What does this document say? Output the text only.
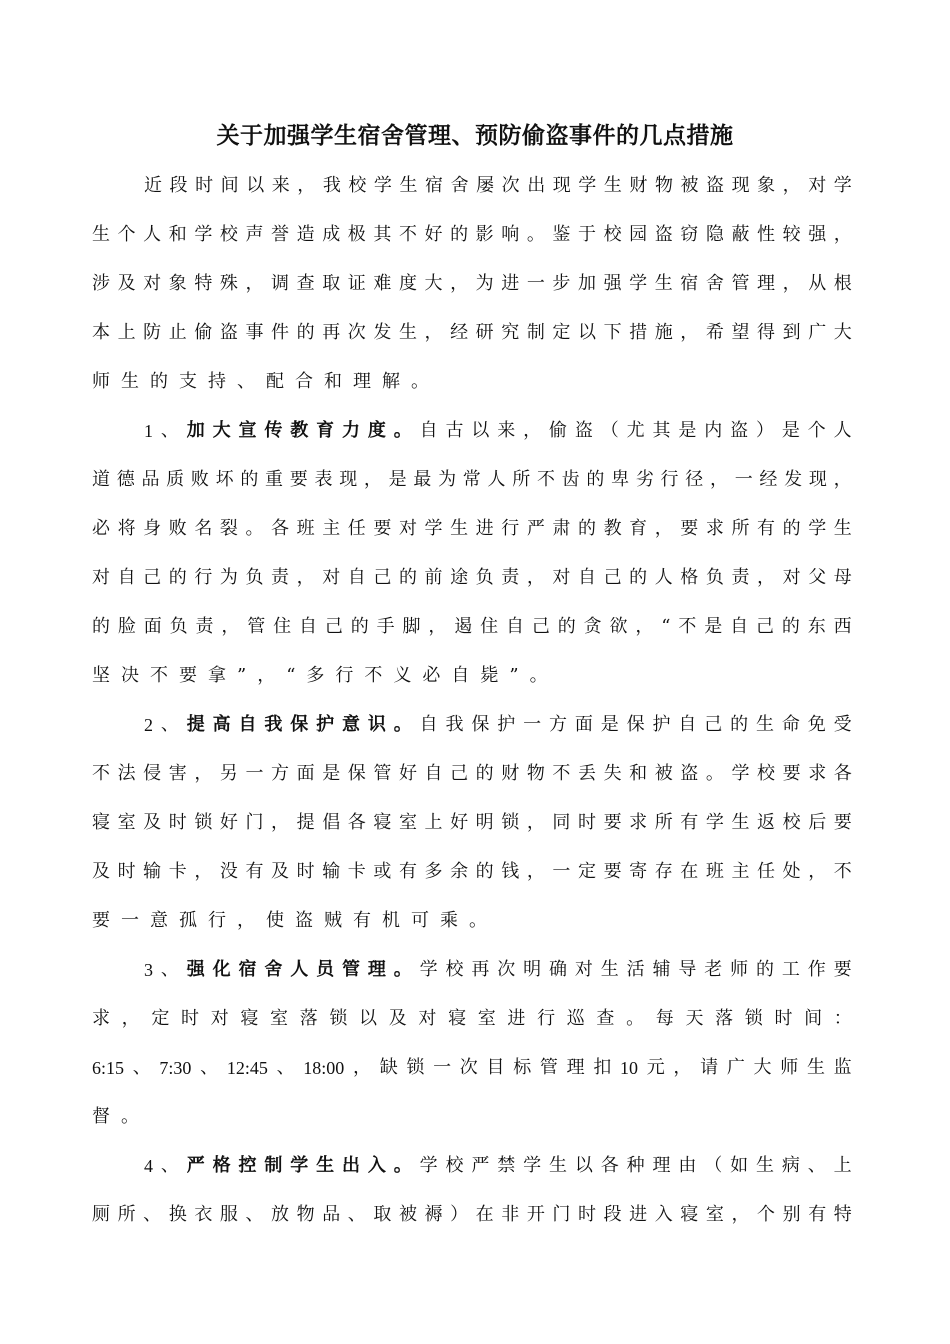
关于加强学生宿舍管理、预防偷盗事件的几点措施
近 段 时 间 以 来 ， 我 校 学 生 宿 舍 屡 次 出 现 学 生 财 物 被 盗 现 象 ， 对 学
生 个 人 和 学 校 声 誉 造 成 极 其 不 好 的 影 响 。 鉴 于 校 园 盗 窃 隐 蔽 性 较 强 ，
涉 及 对 象 特 殊 ， 调 查 取 证 难 度 大 ， 为 进 一 步 加 强 学 生 宿 舍 管 理 ， 从 根
本 上 防 止 偷 盗 事 件 的 再 次 发 生 ， 经 研 究 制 定 以 下 措 施 ， 希 望 得 到 广 大
师 生 的 支 持 、 配 合 和 理 解 。
1 、 加 大 宣 传 教 育 力 度 。 自 古 以 来 ， 偷 盗 （ 尤 其 是 内 盗 ） 是 个 人
道 德 品 质 败 坏 的 重 要 表 现 ， 是 最 为 常 人 所 不 齿 的 卑 劣 行 径 ， 一 经 发 现 ，
必 将 身 败 名 裂 。 各 班 主 任 要 对 学 生 进 行 严 肃 的 教 育 ， 要 求 所 有 的 学 生
对 自 己 的 行 为 负 责 ， 对 自 己 的 前 途 负 责 ， 对 自 己 的 人 格 负 责 ， 对 父 母
的 脸 面 负 责 ， 管 住 自 己 的 手 脚 ， 遏 住 自 己 的 贪 欲 ， “ 不 是 自 己 的 东 西
坚 决 不 要 拿 ” ， “ 多 行 不 义 必 自 毙 ” 。
2 、 提 高 自 我 保 护 意 识 。 自 我 保 护 一 方 面 是 保 护 自 己 的 生 命 免 受
不 法 侵 害 ， 另 一 方 面 是 保 管 好 自 己 的 财 物 不 丢 失 和 被 盗 。 学 校 要 求 各
寝 室 及 时 锁 好 门 ， 提 倡 各 寝 室 上 好 明 锁 ， 同 时 要 求 所 有 学 生 返 校 后 要
及 时 输 卡 ， 没 有 及 时 输 卡 或 有 多 余 的 钱 ， 一 定 要 寄 存 在 班 主 任 处 ， 不
要 一 意 孤 行 ， 使 盗 贼 有 机 可 乘 。
3 、 强 化 宿 舍 人 员 管 理 。 学 校 再 次 明 确 对 生 活 辅 导 老 师 的 工 作 要
求 ， 定 时 对 寝 室 落 锁 以 及 对 寝 室 进 行 巡 查 。 每 天 落 锁 时 间 ：
6:15 、 7:30 、 12:45 、 18:00 ， 缺 锁 一 次 目 标 管 理 扣 10 元 ， 请 广 大 师 生 监
督 。
4 、 严 格 控 制 学 生 出 入 。 学 校 严 禁 学 生 以 各 种 理 由 （ 如 生 病 、 上
厕 所 、 换 衣 服 、 放 物 品 、 取 被 褥 ） 在 非 开 门 时 段 进 入 寝 室 ， 个 别 有 特
